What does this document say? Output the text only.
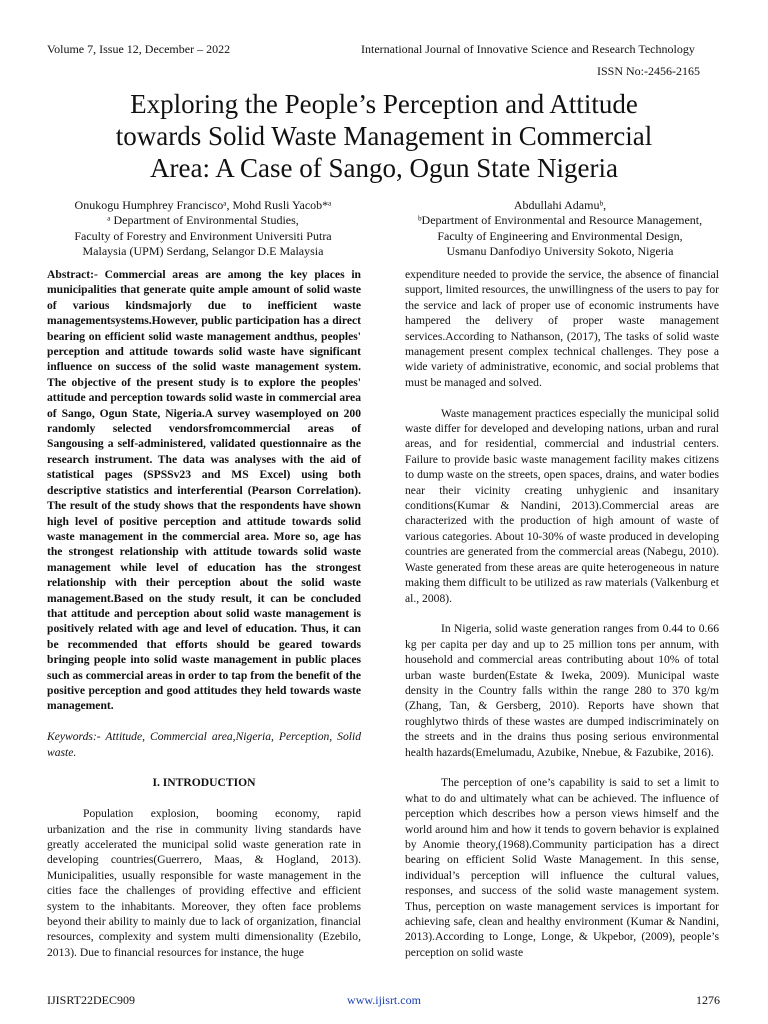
Volume 7, Issue 12, December – 2022	International Journal of Innovative Science and Research Technology
ISSN No:-2456-2165
Exploring the People’s Perception and Attitude
towards Solid Waste Management in Commercial
Area: A Case of Sango, Ogun State Nigeria
Onukogu Humphrey Franciscoᵃ, Mohd Rusli Yacob*ᵃ
ᵃ Department of Environmental Studies,
Faculty of Forestry and Environment Universiti Putra
Malaysia (UPM) Serdang, Selangor D.E Malaysia
Abdullahi Adamuᵇ,
ᵇDepartment of Environmental and Resource Management,
Faculty of Engineering and Environmental Design,
Usmanu Danfodiyo University Sokoto, Nigeria

Abstract:- Commercial areas are among the key places in municipalities that generate quite ample amount of solid waste of various kindsmajorly due to inefficient waste managementsystems.However, public participation has a direct bearing on efficient solid waste management andthus, peoples' perception and attitude towards solid waste have significant influence on success of the solid waste management system. The objective of the present study is to explore the peoples' attitude and perception towards solid waste in commercial area of Sango, Ogun State, Nigeria.A survey wasemployed on 200 randomly selected vendorsfromcommercial areas of Sangousing a self-administered, validated questionnaire as the research instrument. The data was analyses with the aid of statistical pages (SPSSv23 and MS Excel) using both descriptive statistics and interferential (Pearson Correlation). The result of the study shows that the respondents have shown high level of positive perception and attitude towards solid waste management in the commercial area. More so, age has the strongest relationship with attitude towards solid waste management while level of education has the strongest relationship with their perception about the solid waste management.Based on the study result, it can be concluded that attitude and perception about solid waste management is positively related with age and level of education. Thus, it can be recommended that efforts should be geared towards bringing people into solid waste management in public places such as commercial areas in order to tap from the benefit of the positive perception and good attitudes they held towards waste management.

Keywords:- Attitude, Commercial area,Nigeria, Perception, Solid waste.

I. INTRODUCTION

Population explosion, booming economy, rapid urbanization and the rise in community living standards have greatly accelerated the municipal solid waste generation rate in developing countries(Guerrero, Maas, & Hogland, 2013). Municipalities, usually responsible for waste management in the cities face the challenges of providing effective and efficient system to the inhabitants. Moreover, they often face problems beyond their ability to mainly due to lack of organization, financial resources, complexity and system multi dimensionality (Ezebilo, 2013). Due to financial resources for instance, the huge

expenditure needed to provide the service, the absence of financial support, limited resources, the unwillingness of the users to pay for the service and lack of proper use of economic instruments have hampered the delivery of proper waste management services.According to Nathanson, (2017), The tasks of solid waste management present complex technical challenges. They pose a wide variety of administrative, economic, and social problems that must be managed and solved.

Waste management practices especially the municipal solid waste differ for developed and developing nations, urban and rural areas, and for residential, commercial and industrial centers. Failure to provide basic waste management facility makes citizens to dump waste on the streets, open spaces, drains, and water bodies near their vicinity creating unhygienic and insanitary conditions(Kumar & Nandini, 2013).Commercial areas are characterized with the production of high amount of waste of various categories. About 10-30% of waste produced in developing countries are generated from the commercial areas (Nabegu, 2010). Waste generated from these areas are quite heterogeneous in nature making them difficult to be utilized as raw materials (Valkenburg et al., 2008).

In Nigeria, solid waste generation ranges from 0.44 to 0.66 kg per capita per day and up to 25 million tons per annum, with household and commercial areas contributing about 10% of total urban waste burden(Estate & Iweka, 2009). Municipal waste density in the Country falls within the range 280 to 370 kg/m (Zhang, Tan, & Gersberg, 2010). Reports have shown that roughlytwo thirds of these wastes are dumped indiscriminately on the streets and in the drains thus posing serious environmental health hazards(Emelumadu, Azubike, Nnebue, & Fazubike, 2016).

The perception of one’s capability is said to set a limit to what to do and ultimately what can be achieved. The influence of perception which describes how a person views himself and the world around him and how it tends to govern behavior is explained by Anomie theory,(1968).Community participation has a direct bearing on efficient Solid Waste Management. In this sense, individual’s perception will influence the cultural values, responses, and success of the solid waste management system. Thus, perception on waste management services is important for achieving safe, clean and healthy environment (Kumar & Nandini, 2013).According to Longe, Longe, & Ukpebor, (2009), people’s perception on solid waste

IJISRT22DEC909	www.ijisrt.com	1276
